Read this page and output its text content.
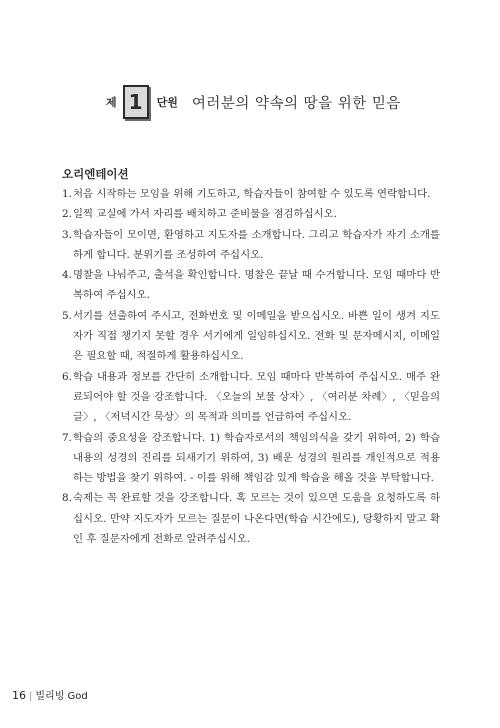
제 1	단원 여러분의 약속의 땅을 위한 믿음
오리엔테이션
1. 처음 시작하는 모임을 위해 기도하고, 학습자들이 참여할 수 있도록 연락합니다.
2. 일찍 교실에 가서 자리를 배치하고 준비물을 점검하십시오.
3. 학습자들이 모이면, 환영하고 지도자를 소개합니다. 그리고 학습자가 자기 소개를 하게 합니다. 분위기를 조성하여 주십시오.
4. 명찰을 나눠주고, 출석을 확인합니다. 명찰은 끝날 때 수거합니다. 모임 때마다 반복하여 주십시오.
5. 서기를 선출하여 주시고, 전화번호 및 이메일을 받으십시오. 바쁜 일이 생겨 지도자가 직접 챙기지 못할 경우 서기에게 일임하십시오. 전화 및 문자메시지, 이메일은 필요할 때, 적절하게 활용하십시오.
6. 학습 내용과 정보를 간단히 소개합니다. 모임 때마다 반복하여 주십시오. 매주 완료되어야 할 것을 강조합니다. 〈오늘의 보물 상자〉, 〈여러분 차례〉, 〈믿음의 글〉, 〈저녁시간 묵상〉의 목적과 의미를 언급하여 주십시오.
7. 학습의 중요성을 강조합니다. 1) 학습자로서의 책임의식을 갖기 위하여, 2) 학습내용의 성경의 진리를 되새기기 위하여, 3) 배운 성경의 원리를 개인적으로 적용하는 방법을 찾기 위하여. - 이를 위해 책임감 있게 학습을 해올 것을 부탁합니다.
8. 숙제는 꼭 완료할 것을 강조합니다. 혹 모르는 것이 있으면 도움을 요청하도록 하십시오. 만약 지도자가 모르는 질문이 나온다면(학습 시간에도), 당황하지 말고 확인 후 질문자에게 전화로 알려주십시오.
16 | 빌리빙 God
